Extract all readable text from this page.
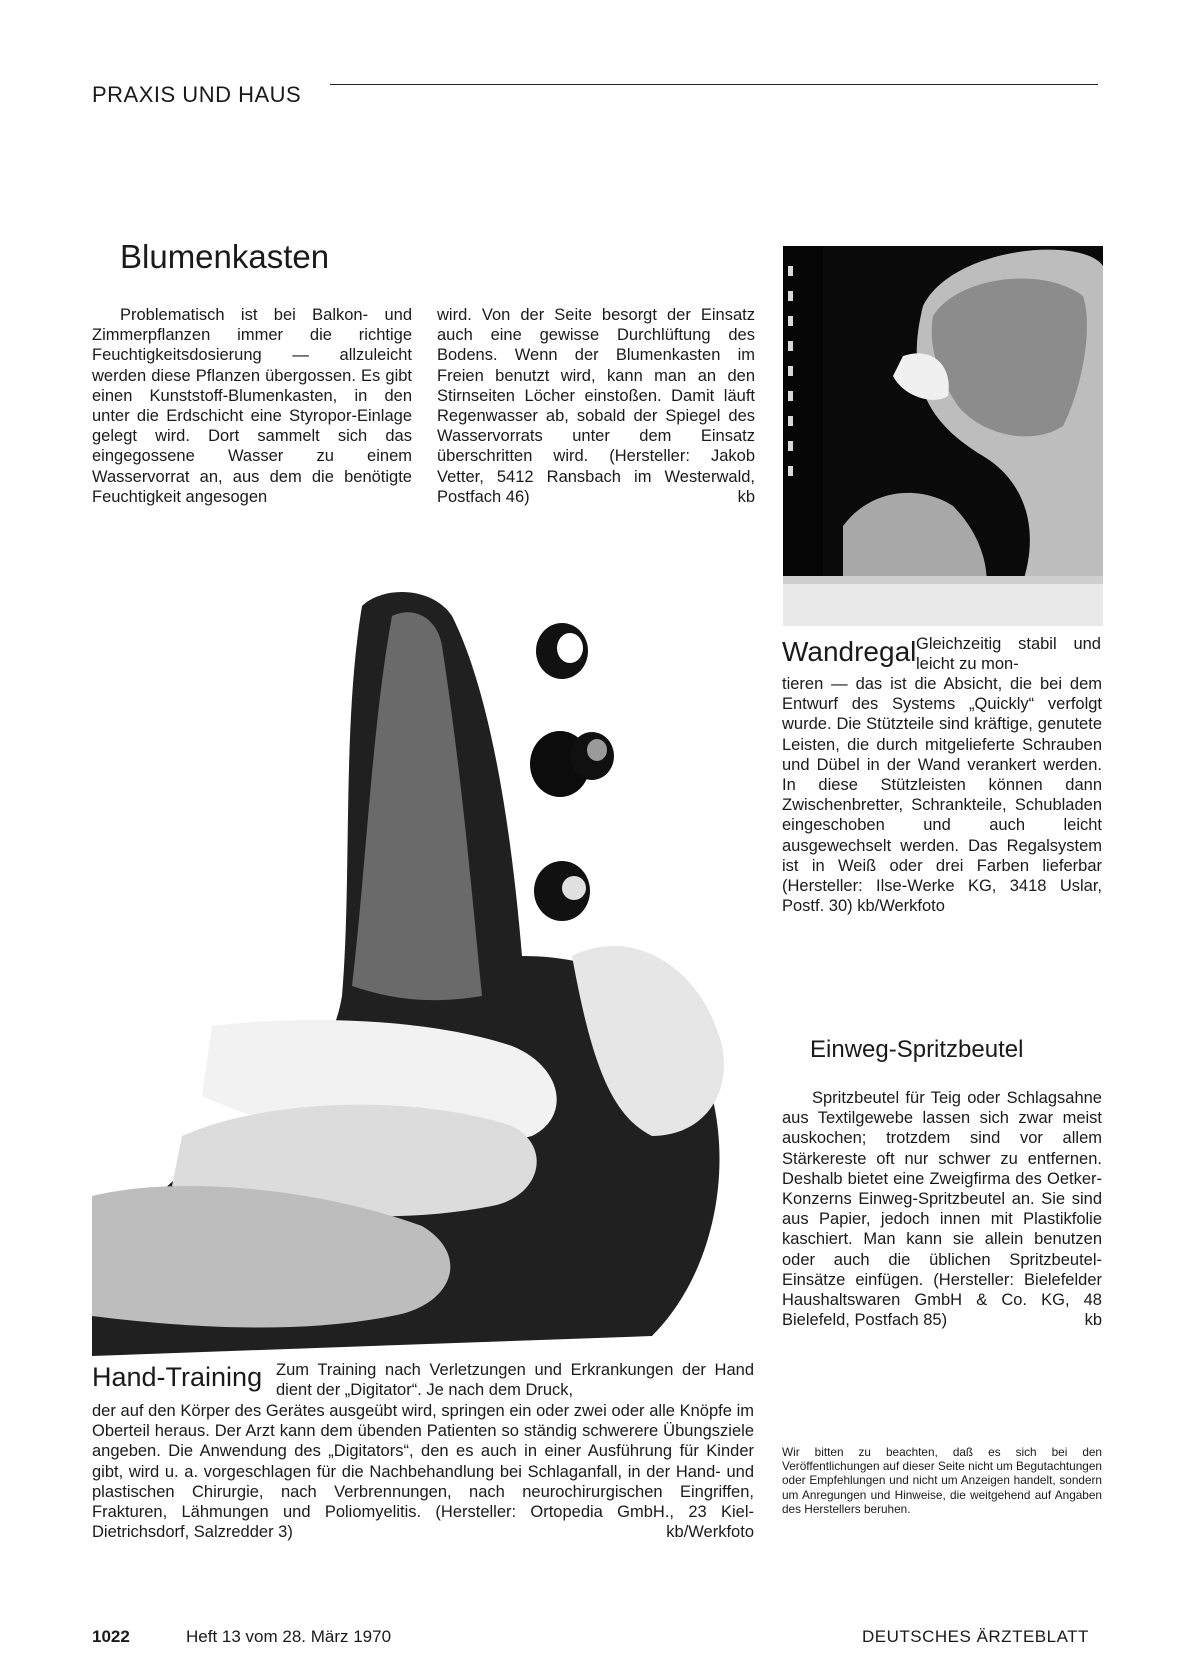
PRAXIS UND HAUS
Blumenkasten
Problematisch ist bei Balkon- und Zimmerpflanzen immer die richtige Feuchtigkeitsdosierung — allzuleicht werden diese Pflanzen übergossen. Es gibt einen Kunststoff-Blumenkasten, in den unter die Erdschicht eine Styropor-Einlage gelegt wird. Dort sammelt sich das eingegossene Wasser zu einem Wasservorrat an, aus dem die benötigte Feuchtigkeit angesogen
wird. Von der Seite besorgt der Einsatz auch eine gewisse Durchlüftung des Bodens. Wenn der Blumenkasten im Freien benutzt wird, kann man an den Stirnseiten Löcher einstoßen. Damit läuft Regenwasser ab, sobald der Spiegel des Wasservorrats unter dem Einsatz überschritten wird. (Hersteller: Jakob Vetter, 5412 Ransbach im Westerwald, Postfach 46)	kb
Wandregal Gleichzeitig stabil und leicht zu mon-
tieren — das ist die Absicht, die bei dem Entwurf des Systems „Quickly“ verfolgt wurde. Die Stützteile sind kräftige, genutete Leisten, die durch mitgelieferte Schrauben und Dübel in der Wand verankert werden. In diese Stützleisten können dann Zwischenbretter, Schrankteile, Schubladen eingeschoben und auch leicht ausgewechselt werden. Das Regalsystem ist in Weiß oder drei Farben lieferbar (Hersteller: Ilse-Werke KG, 3418 Uslar, Postf. 30) kb/Werkfoto
Einweg-Spritzbeutel
Spritzbeutel für Teig oder Schlagsahne aus Textilgewebe lassen sich zwar meist auskochen; trotzdem sind vor allem Stärkereste oft nur schwer zu entfernen. Deshalb bietet eine Zweigfirma des Oetker-Konzerns Einweg-Spritzbeutel an. Sie sind aus Papier, jedoch innen mit Plastikfolie kaschiert. Man kann sie allein benutzen oder auch die üblichen Spritzbeutel-Einsätze einfügen. (Hersteller: Bielefelder Haushaltswaren GmbH & Co. KG, 48 Bielefeld, Postfach 85)	kb
Hand-Training Zum Training nach Verletzungen und Erkrankungen der Hand dient der „Digitator“. Je nach dem Druck,
der auf den Körper des Gerätes ausgeübt wird, springen ein oder zwei oder alle Knöpfe im Oberteil heraus. Der Arzt kann dem übenden Patienten so ständig schwerere Übungsziele angeben. Die Anwendung des „Digitators“, den es auch in einer Ausführung für Kinder gibt, wird u. a. vorgeschlagen für die Nachbehandlung bei Schlaganfall, in der Hand- und plastischen Chirurgie, nach Verbrennungen, nach neurochirurgischen Eingriffen, Frakturen, Lähmungen und Poliomyelitis. (Hersteller: Ortopedia GmbH., 23 Kiel-Dietrichsdorf, Salzredder 3)	kb/Werkfoto
Wir bitten zu beachten, daß es sich bei den Veröffentlichungen auf dieser Seite nicht um Begutachtungen oder Empfehlungen und nicht um Anzeigen handelt, sondern um Anregungen und Hinweise, die weitgehend auf Angaben des Herstellers beruhen.
1022	Heft 13 vom 28. März 1970	DEUTSCHES ÄRZTEBLATT
